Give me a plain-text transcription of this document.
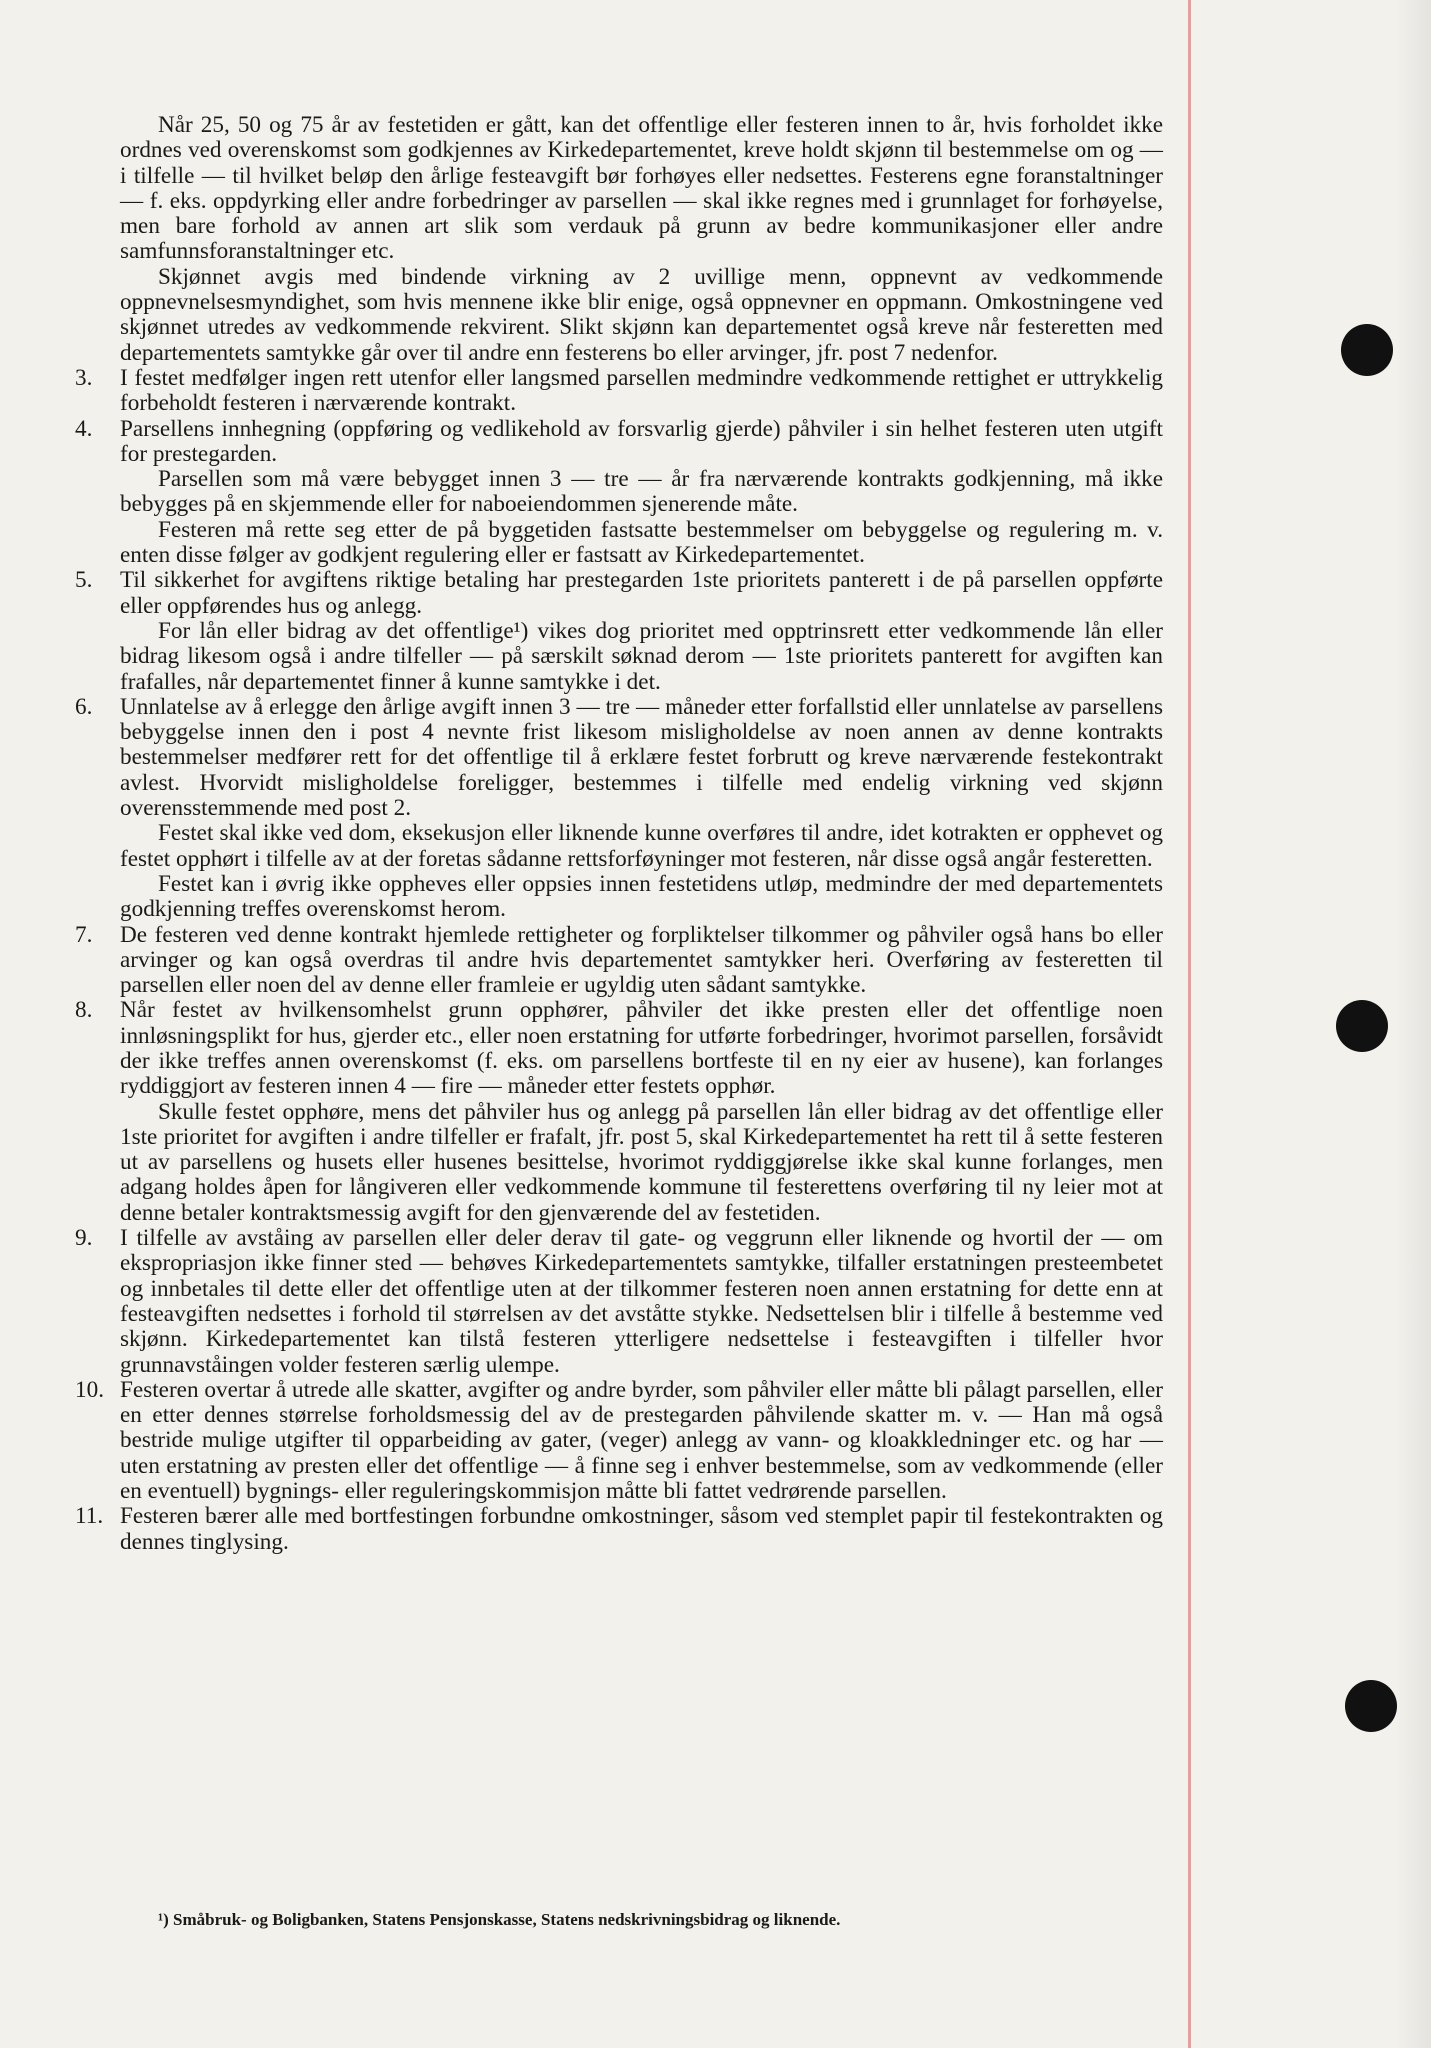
Når 25, 50 og 75 år av festetiden er gått, kan det offentlige eller festeren innen to år, hvis forholdet ikke ordnes ved overenskomst som godkjennes av Kirkedepartementet, kreve holdt skjønn til bestemmelse om og — i tilfelle — til hvilket beløp den årlige festeavgift bør forhøyes eller nedsettes. Festerens egne foranstaltninger — f. eks. oppdyrking eller andre forbedringer av parsellen — skal ikke regnes med i grunnlaget for forhøyelse, men bare forhold av annen art slik som verdauk på grunn av bedre kommunikasjoner eller andre samfunnsforanstaltninger etc.

Skjønnet avgis med bindende virkning av 2 uvillige menn, oppnevnt av vedkommende oppnevnelsesmyndighet, som hvis mennene ikke blir enige, også oppnevner en oppmann. Omkostningene ved skjønnet utredes av vedkommende rekvirent. Slikt skjønn kan departementet også kreve når festeretten med departementets samtykke går over til andre enn festerens bo eller arvinger, jfr. post 7 nedenfor.

3.	I festet medfølger ingen rett utenfor eller langsmed parsellen medmindre vedkommende rettighet er uttrykkelig forbeholdt festeren i nærværende kontrakt.

4.	Parsellens innhegning (oppføring og vedlikehold av forsvarlig gjerde) påhviler i sin helhet festeren uten utgift for prestegarden.

Parsellen som må være bebygget innen 3 — tre — år fra nærværende kontrakts godkjenning, må ikke bebygges på en skjemmende eller for naboeiendommen sjenerende måte.

Festeren må rette seg etter de på byggetiden fastsatte bestemmelser om bebyggelse og regulering m. v. enten disse følger av godkjent regulering eller er fastsatt av Kirkedepartementet.

5.	Til sikkerhet for avgiftens riktige betaling har prestegarden 1ste prioritets panterett i de på parsellen oppførte eller oppførendes hus og anlegg.

For lån eller bidrag av det offentlige¹) vikes dog prioritet med opptrinsrett etter vedkommende lån eller bidrag likesom også i andre tilfeller — på særskilt søknad derom — 1ste prioritets panterett for avgiften kan frafalles, når departementet finner å kunne samtykke i det.

6.	Unnlatelse av å erlegge den årlige avgift innen 3 — tre — måneder etter forfallstid eller unnlatelse av parsellens bebyggelse innen den i post 4 nevnte frist likesom misligholdelse av noen annen av denne kontrakts bestemmelser medfører rett for det offentlige til å erklære festet forbrutt og kreve nærværende festekontrakt avlest. Hvorvidt misligholdelse foreligger, bestemmes i tilfelle med endelig virkning ved skjønn overensstemmende med post 2.

Festet skal ikke ved dom, eksekusjon eller liknende kunne overføres til andre, idet kotrakten er opphevet og festet opphørt i tilfelle av at der foretas sådanne rettsforføyninger mot festeren, når disse også angår festeretten.

Festet kan i øvrig ikke oppheves eller oppsies innen festetidens utløp, medmindre der med departementets godkjenning treffes overenskomst herom.

7.	De festeren ved denne kontrakt hjemlede rettigheter og forpliktelser tilkommer og påhviler også hans bo eller arvinger og kan også overdras til andre hvis departementet samtykker heri. Overføring av festeretten til parsellen eller noen del av denne eller framleie er ugyldig uten sådant samtykke.

8.	Når festet av hvilkensomhelst grunn opphører, påhviler det ikke presten eller det offentlige noen innløsningsplikt for hus, gjerder etc., eller noen erstatning for utførte forbedringer, hvorimot parsellen, forsåvidt der ikke treffes annen overenskomst (f. eks. om parsellens bortfeste til en ny eier av husene), kan forlanges ryddiggjort av festeren innen 4 — fire — måneder etter festets opphør.

Skulle festet opphøre, mens det påhviler hus og anlegg på parsellen lån eller bidrag av det offentlige eller 1ste prioritet for avgiften i andre tilfeller er frafalt, jfr. post 5, skal Kirkedepartementet ha rett til å sette festeren ut av parsellens og husets eller husenes besittelse, hvorimot ryddiggjørelse ikke skal kunne forlanges, men adgang holdes åpen for långiveren eller vedkommende kommune til festerettens overføring til ny leier mot at denne betaler kontraktsmessig avgift for den gjenværende del av festetiden.

9.	I tilfelle av avståing av parsellen eller deler derav til gate- og veggrunn eller liknende og hvortil der — om ekspropriasjon ikke finner sted — behøves Kirkedepartementets samtykke, tilfaller erstatningen presteembetet og innbetales til dette eller det offentlige uten at der tilkommer festeren noen annen erstatning for dette enn at festeavgiften nedsettes i forhold til størrelsen av det avståtte stykke. Nedsettelsen blir i tilfelle å bestemme ved skjønn. Kirkedepartementet kan tilstå festeren ytterligere nedsettelse i festeavgiften i tilfeller hvor grunnavståingen volder festeren særlig ulempe.

10. Festeren overtar å utrede alle skatter, avgifter og andre byrder, som påhviler eller måtte bli pålagt parsellen, eller en etter dennes størrelse forholdsmessig del av de prestegarden påhvilende skatter m. v. — Han må også bestride mulige utgifter til opparbeiding av gater, (veger) anlegg av vann- og kloakkledninger etc. og har — uten erstatning av presten eller det offentlige — å finne seg i enhver bestemmelse, som av vedkommende (eller en eventuell) bygnings- eller reguleringskommisjon måtte bli fattet vedrørende parsellen.

11. Festeren bærer alle med bortfestingen forbundne omkostninger, såsom ved stemplet papir til festekontrakten og dennes tinglysing.

¹) Småbruk- og Boligbanken, Statens Pensjonskasse, Statens nedskrivningsbidrag og liknende.
